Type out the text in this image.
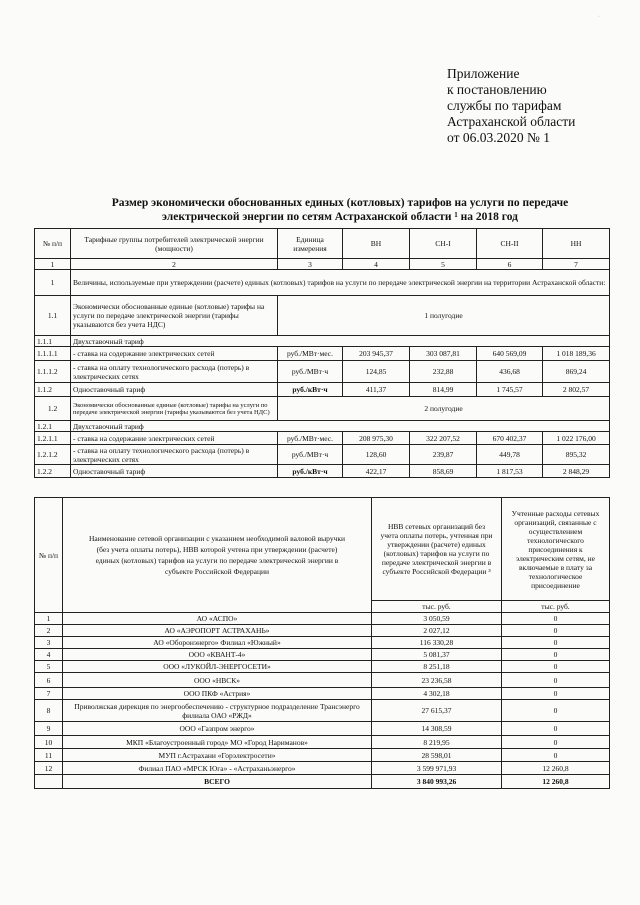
·
Приложение
к постановлению
службы по тарифам
Астраханской области
от 06.03.2020 № 1
Размер экономически обоснованных единых (котловых) тарифов на услуги по передаче
электрической энергии по сетям Астраханской области ¹ на 2018 год
№ п/п	Тарифные группы потребителей электрической энергии (мощности)	Единица измерения	ВН	СН-I	СН-II	НН
1	2	3	4	5	6	7
1	Величины, используемые при утверждении (расчете) единых (котловых) тарифов на услуги по передаче электрической энергии на территории Астраханской области:					
1.1	Экономически обоснованные единые (котловые) тарифы на услуги по передаче электрической энергии (тарифы указываются без учета НДС)	1 полугодие				
1.1.1	Двухставочный тариф					
1.1.1.1	- ставка на содержание электрических сетей	руб./МВт·мес.	203 945,37	303 087,81	640 569,09	1 018 189,36
1.1.1.2	- ставка на оплату технологического расхода (потерь) в электрических сетях	руб./МВт·ч	124,85	232,88	436,68	869,24
1.1.2	Одноставочный тариф	руб./кВт·ч	411,37	814,99	1 745,57	2 802,57
1.2	Экономически обоснованные единые (котловые) тарифы на услуги по передаче электрической энергии (тарифы указываются без учета НДС)	2 полугодие				
1.2.1	Двухставочный тариф					
1.2.1.1	- ставка на содержание электрических сетей	руб./МВт·мес.	208 975,30	322 207,52	670 402,37	1 022 176,00
1.2.1.2	- ставка на оплату технологического расхода (потерь) в электрических сетях	руб./МВт·ч	128,60	239,87	449,78	895,32
1.2.2	Одноставочный тариф	руб./кВт·ч	422,17	858,69	1 817,53	2 848,29
№ п/п	Наименование сетевой организации с указанием необходимой валовой выручки (без учета оплаты потерь), НВВ которой учтена при утверждении (расчете) единых (котловых) тарифов на услуги по передаче электрической энергии в субъекте Российской Федерации	НВВ сетевых организаций без учета оплаты потерь, учтенная при утверждении (расчете) единых (котловых) тарифов на услуги по передаче электрической энергии в субъекте Российской Федерации ³	Учтенные расходы сетевых организаций, связанные с осуществлением технологического присоединения к электрическим сетям, не включаемые в плату за технологическое присоединение
		тыс. руб.	тыс. руб.
1	АО «АСПО»	3 050,59	0
2	АО «АЭРОПОРТ АСТРАХАНЬ»	2 027,12	0
3	АО «Оборонэнерго» Филиал «Южный»	116 330,28	0
4	ООО «КВАНТ-4»	5 081,37	0
5	ООО «ЛУКОЙЛ-ЭНЕРГОСЕТИ»	8 251,18	0
6	ООО «НВСК»	23 236,58	0
7	ООО ПКФ «Астрия»	4 302,18	0
8	Приволжская дирекция по энергообеспечению - структурное подразделение Трансэнерго филиала ОАО «РЖД»	27 615,37	0
9	ООО «Газпром энерго»	14 308,59	0
10	МКП «Благоустроенный город» МО «Город Нариманов»	8 219,95	0
11	МУП г.Астрахани «Горэлектросети»	28 598,01	0
12	Филиал ПАО «МРСК Юга» - «Астраханьэнерго»	3 599 971,93	12 260,8
	ВСЕГО	3 840 993,26	12 260,8
